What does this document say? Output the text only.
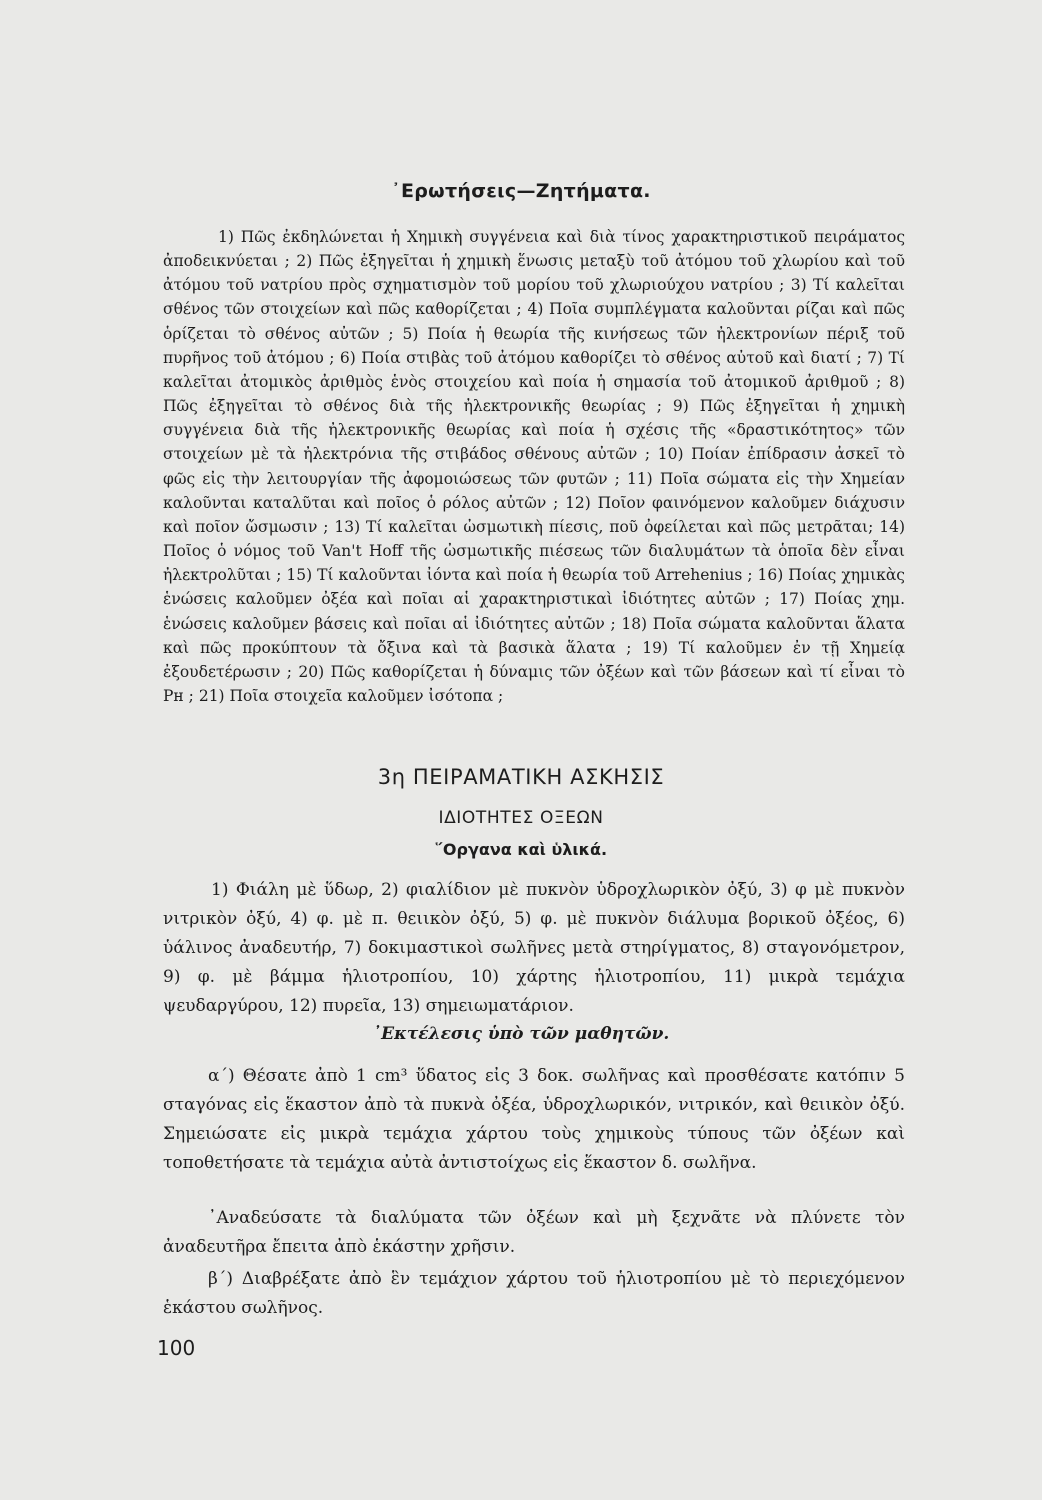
᾿Ερωτήσεις—Ζητήματα.

1) Πῶς ἐκδηλώνεται ἡ Χημικὴ συγγένεια καὶ διὰ τίνος χαρακτηριστικοῦ πειράματος ἀποδεικνύεται ; 2) Πῶς ἐξηγεῖται ἡ χημικὴ ἕνωσις μεταξὺ τοῦ ἀτόμου τοῦ χλωρίου καὶ τοῦ ἀτόμου τοῦ νατρίου πρὸς σχηματισμὸν τοῦ μορίου τοῦ χλωριούχου νατρίου ; 3) Τί καλεῖται σθένος τῶν στοιχείων καὶ πῶς καθορίζεται ; 4) Ποῖα συμπλέγματα καλοῦνται ρίζαι καὶ πῶς ὁρίζεται τὸ σθένος αὐτῶν ; 5) Ποία ἡ θεωρία τῆς κινήσεως τῶν ἠλεκτρονίων πέριξ τοῦ πυρῆνος τοῦ ἀτόμου ; 6) Ποία στιβὰς τοῦ ἀτόμου καθορίζει τὸ σθένος αὐτοῦ καὶ διατί ; 7) Τί καλεῖται ἀτομικὸς ἀριθμὸς ἑνὸς στοιχείου καὶ ποία ἡ σημασία τοῦ ἀτομικοῦ ἀριθμοῦ ; 8) Πῶς ἐξηγεῖται τὸ σθένος διὰ τῆς ἠλεκτρονικῆς θεωρίας ; 9) Πῶς ἐξηγεῖται ἡ χημικὴ συγγένεια διὰ τῆς ἠλεκτρονικῆς θεωρίας καὶ ποία ἡ σχέσις τῆς «δραστικότητος» τῶν στοιχείων μὲ τὰ ἠλεκτρόνια τῆς στιβάδος σθένους αὐτῶν ; 10) Ποίαν ἐπίδρασιν ἀσκεῖ τὸ φῶς εἰς τὴν λειτουργίαν τῆς ἀφομοιώσεως τῶν φυτῶν ; 11) Ποῖα σώματα εἰς τὴν Χημείαν καλοῦνται καταλῦται καὶ ποῖος ὁ ρόλος αὐτῶν ; 12) Ποῖον φαινόμενον καλοῦμεν διάχυσιν καὶ ποῖον ὤσμωσιν ; 13) Τί καλεῖται ὠσμωτικὴ πίεσις, ποῦ ὀφείλεται καὶ πῶς μετρᾶται; 14) Ποῖος ὁ νόμος τοῦ Van't Hoff τῆς ὠσμωτικῆς πιέσεως τῶν διαλυμάτων τὰ ὁποῖα δὲν εἶναι ἠλεκτρολῦται ; 15) Τί καλοῦνται ἰόντα καὶ ποία ἡ θεωρία τοῦ Arrehenius ; 16) Ποίας χημικὰς ἑνώσεις καλοῦμεν ὀξέα καὶ ποῖαι αἱ χαρακτηριστικαὶ ἰδιότητες αὐτῶν ; 17) Ποίας χημ. ἑνώσεις καλοῦμεν βάσεις καὶ ποῖαι αἱ ἰδιότητες αὐτῶν ; 18) Ποῖα σώματα καλοῦνται ἅλατα καὶ πῶς προκύπτουν τὰ ὄξινα καὶ τὰ βασικὰ ἅλατα ; 19) Τί καλοῦμεν ἐν τῇ Χημείᾳ ἐξουδετέρωσιν ; 20) Πῶς καθορίζεται ἡ δύναμις τῶν ὀξέων καὶ τῶν βάσεων καὶ τί εἶναι τὸ Pн ; 21) Ποῖα στοιχεῖα καλοῦμεν ἰσότοπα ;

3η ΠΕΙΡΑΜΑΤΙΚΗ ΑΣΚΗΣΙΣ
ΙΔΙΟΤΗΤΕΣ ΟΞΕΩΝ
῞Οργανα καὶ ὑλικά.

1) Φιάλη μὲ ὕδωρ, 2) φιαλίδιον μὲ πυκνὸν ὑδροχλωρικὸν ὀξύ, 3) φ μὲ πυκνὸν νιτρικὸν ὀξύ, 4) φ. μὲ π. θειικὸν ὀξύ, 5) φ. μὲ πυκνὸν διάλυμα βορικοῦ ὀξέος, 6) ὑάλινος ἀναδευτήρ, 7) δοκιμαστικοὶ σωλῆνες μετὰ στηρίγματος, 8) σταγονόμετρον, 9) φ. μὲ βάμμα ἡλιοτροπίου, 10) χάρτης ἡλιοτροπίου, 11) μικρὰ τεμάχια ψευδαργύρου, 12) πυρεῖα, 13) σημειωματάριον.

᾿Εκτέλεσις ὑπὸ τῶν μαθητῶν.

α΄) Θέσατε ἀπὸ 1 cm³ ὕδατος εἰς 3 δοκ. σωλῆνας καὶ προσθέσατε κατόπιν 5 σταγόνας εἰς ἕκαστον ἀπὸ τὰ πυκνὰ ὀξέα, ὑδροχλωρικόν, νιτρικόν, καὶ θειικὸν ὀξύ. Σημειώσατε εἰς μικρὰ τεμάχια χάρτου τοὺς χημικοὺς τύπους τῶν ὀξέων καὶ τοποθετήσατε τὰ τεμάχια αὐτὰ ἀντιστοίχως εἰς ἕκαστον δ. σωλῆνα.

᾿Αναδεύσατε τὰ διαλύματα τῶν ὀξέων καὶ μὴ ξεχνᾶτε νὰ πλύνετε τὸν ἀναδευτῆρα ἔπειτα ἀπὸ ἑκάστην χρῆσιν.

β΄) Διαβρέξατε ἀπὸ ἓν τεμάχιον χάρτου τοῦ ἡλιοτροπίου μὲ τὸ περιεχόμενον ἑκάστου σωλῆνος.

100
